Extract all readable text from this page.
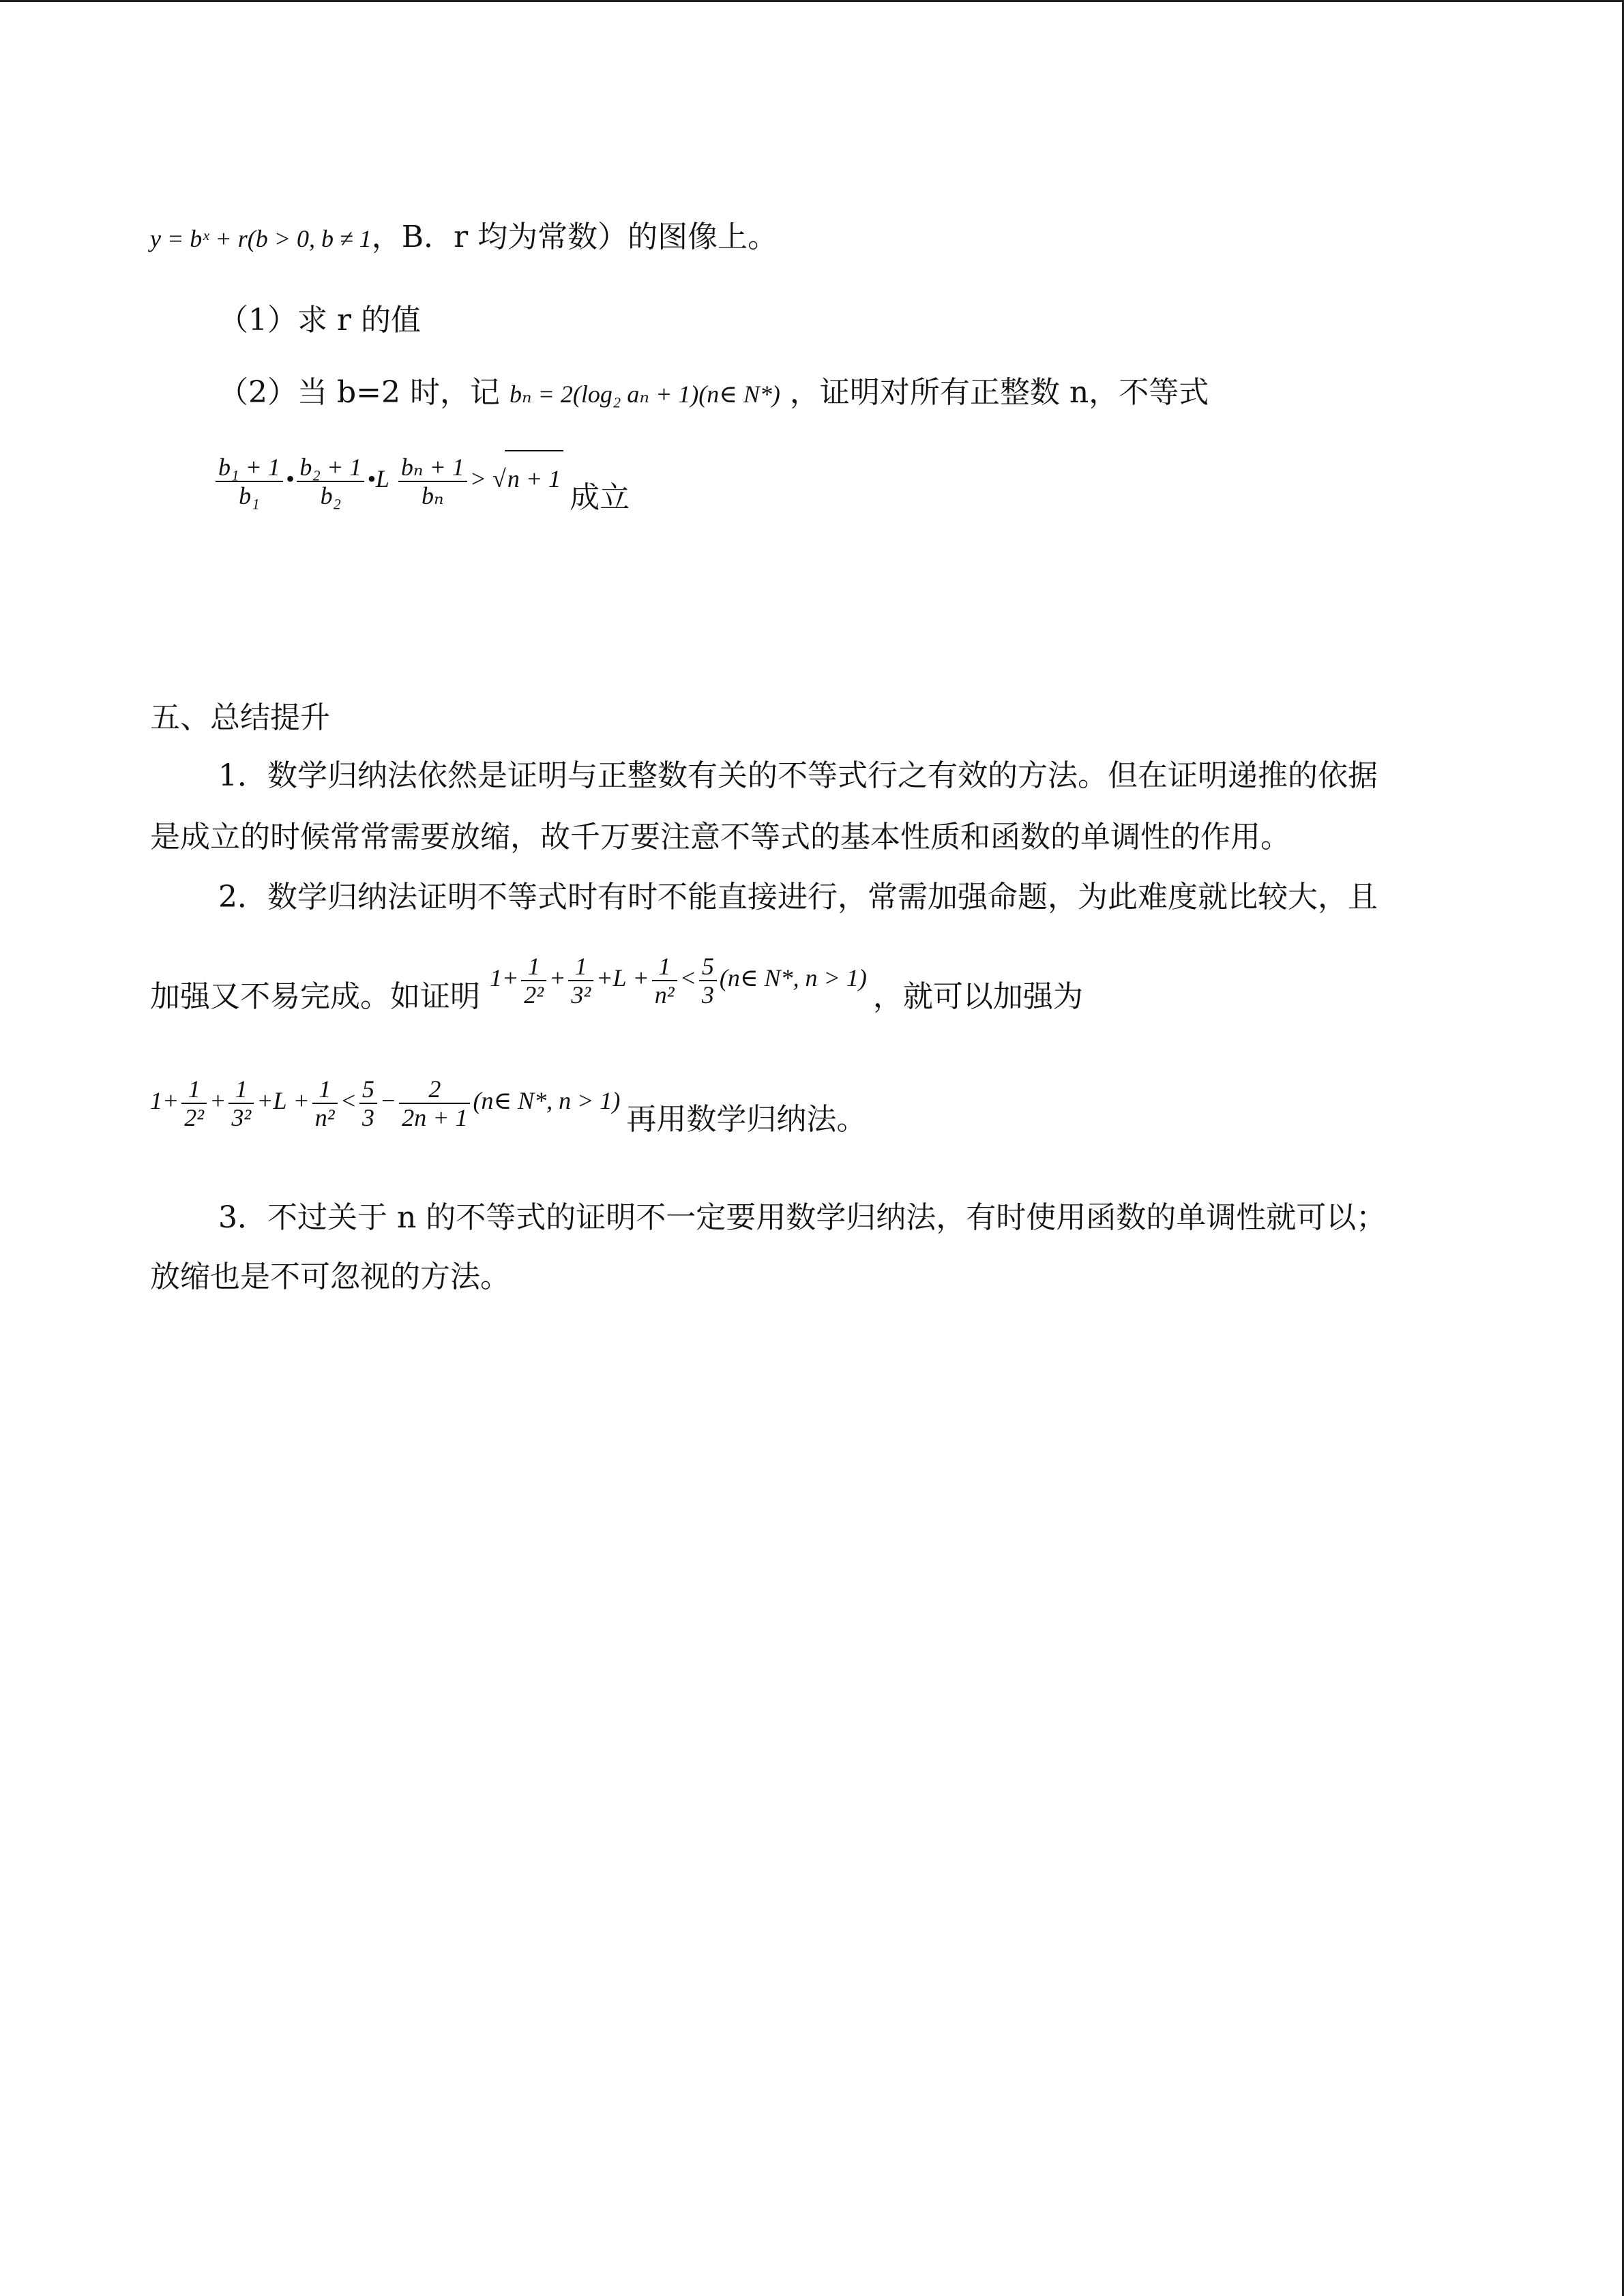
y = bˣ + r(b > 0, b ≠ 1，B．r 均为常数）的图像上。
（1）求 r 的值
（2）当 b=2 时，记 bₙ = 2(log₂ aₙ + 1)(n∈ N*) ，证明对所有正整数 n，不等式
$\frac{\text{b₁ + 1}}{\text{b₁}}$ • $\frac{\text{b₂ + 1}}{\text{b₂}}$ •L $\frac{\text{bₙ + 1}}{\text{bₙ}} > √n + 1$ 成立
五、总结提升
1．数学归纳法依然是证明与正整数有关的不等式行之有效的方法。但在证明递推的依据
是成立的时候常常需要放缩，故千万要注意不等式的基本性质和函数的单调性的作用。
2．数学归纳法证明不等式时有时不能直接进行，常需加强命题，为此难度就比较大，且
加强又不易完成。如证明 $1+ \frac{1}{\text{2²}} + \frac{1}{\text{3²}} +L + \frac{1}{\text{n²}} < \frac{5}{3}$ (n∈ N*, n > 1) ，就可以加强为
$1+ \frac{1}{\text{2²}} + \frac{1}{\text{3²}} +L + \frac{1}{\text{n²}} < \frac{5}{3} - \frac{2}{2n + 1}$ (n∈ N*, n > 1) 再用数学归纳法。
3．不过关于 n 的不等式的证明不一定要用数学归纳法，有时使用函数的单调性就可以；
放缩也是不可忽视的方法。
